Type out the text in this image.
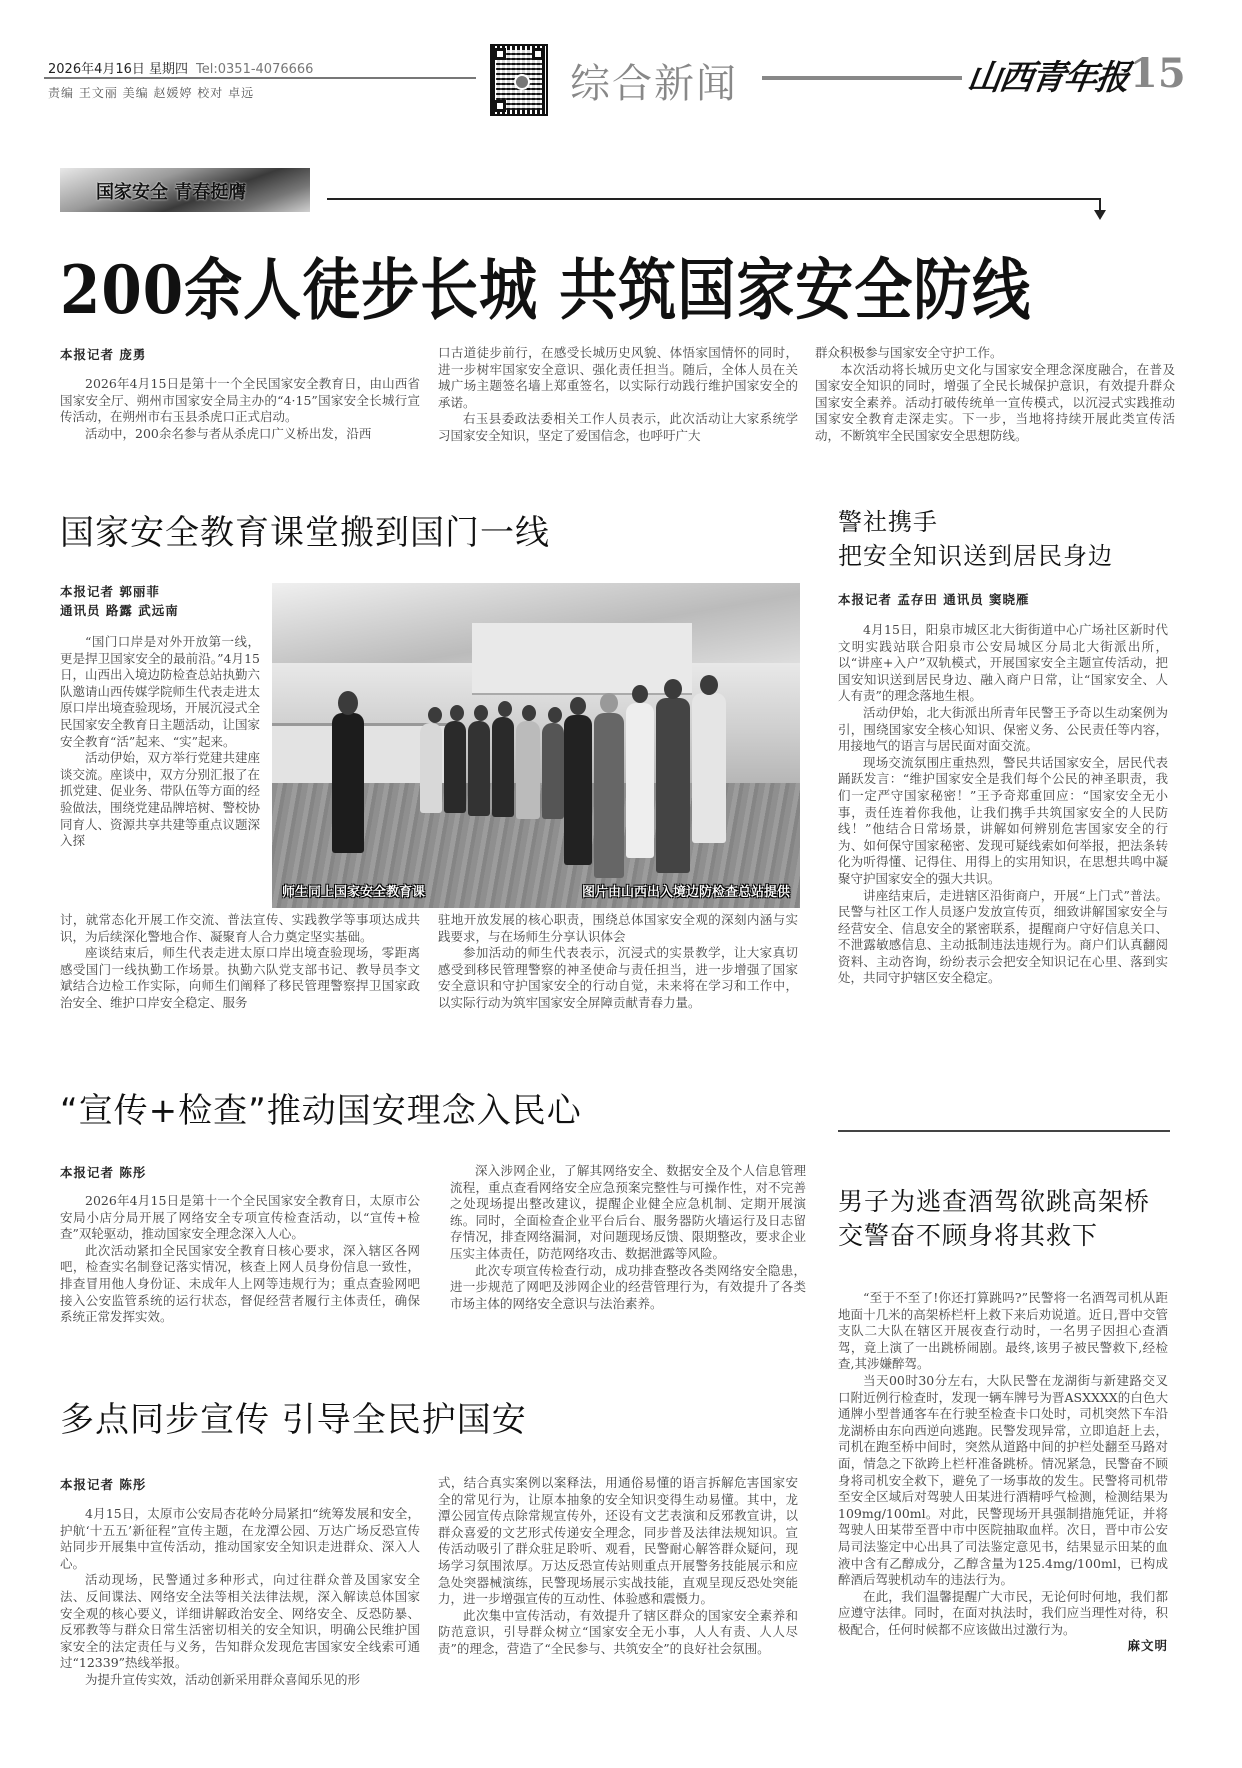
2026年4月16日 星期四 Tel:0351-4076666
责编 王文丽 美编 赵媛婷 校对 卓远	综合新闻	山西青年报 15
国家安全 青春挺膺
200余人徒步长城 共筑国家安全防线
本报记者 庞勇

2026年4月15日是第十一个全民国家安全教育日，由山西省国家安全厅、朔州市国家安全局主办的“4·15”国家安全长城行宣传活动，在朔州市右玉县杀虎口正式启动。

活动中，200余名参与者从杀虎口广义桥出发，沿西

口古道徒步前行，在感受长城历史风貌、体悟家国情怀的同时，进一步树牢国家安全意识、强化责任担当。随后，全体人员在关城广场主题签名墙上郑重签名，以实际行动践行维护国家安全的承诺。

右玉县委政法委相关工作人员表示，此次活动让大家系统学习国家安全知识，坚定了爱国信念，也呼吁广大

群众积极参与国家安全守护工作。

本次活动将长城历史文化与国家安全理念深度融合，在普及国家安全知识的同时，增强了全民长城保护意识，有效提升群众国家安全素养。活动打破传统单一宣传模式，以沉浸式实践推动国家安全教育走深走实。下一步，当地将持续开展此类宣传活动，不断筑牢全民国家安全思想防线。

国家安全教育课堂搬到国门一线
本报记者 郭丽菲
通讯员 路露 武远南

“国门口岸是对外开放第一线，更是捍卫国家安全的最前沿。”4月15日，山西出入境边防检查总站执勤六队邀请山西传媒学院师生代表走进太原口岸出境查验现场，开展沉浸式全民国家安全教育日主题活动，让国家安全教育“活”起来、“实”起来。

活动伊始，双方举行党建共建座谈交流。座谈中，双方分别汇报了在抓党建、促业务、带队伍等方面的经验做法，围绕党建品牌培树、警校协同育人、资源共享共建等重点议题深入探

讨，就常态化开展工作交流、普法宣传、实践教学等事项达成共识，为后续深化警地合作、凝聚育人合力奠定坚实基础。

座谈结束后，师生代表走进太原口岸出境查验现场，零距离感受国门一线执勤工作场景。执勤六队党支部书记、教导员李文斌结合边检工作实际，向师生们阐释了移民管理警察捍卫国家政治安全、维护口岸安全稳定、服务

师生同上国家安全教育课	图片由山西出入境边防检查总站提供

驻地开放发展的核心职责，围绕总体国家安全观的深刻内涵与实践要求，与在场师生分享认识体会

参加活动的师生代表表示，沉浸式的实景教学，让大家真切感受到移民管理警察的神圣使命与责任担当，进一步增强了国家安全意识和守护国家安全的行动自觉，未来将在学习和工作中，以实际行动为筑牢国家安全屏障贡献青春力量。

警社携手
把安全知识送到居民身边
本报记者 孟存田 通讯员 窦晓雁

4月15日，阳泉市城区北大街街道中心广场社区新时代文明实践站联合阳泉市公安局城区分局北大街派出所，以“讲座+入户”双轨模式，开展国家安全主题宣传活动，把国安知识送到居民身边、融入商户日常，让“国家安全、人人有责”的理念落地生根。

活动伊始，北大街派出所青年民警王予奇以生动案例为引，围绕国家安全核心知识、保密义务、公民责任等内容，用接地气的语言与居民面对面交流。

现场交流氛围庄重热烈，警民共话国家安全，居民代表踊跃发言：“维护国家安全是我们每个公民的神圣职责，我们一定严守国家秘密！”王予奇郑重回应：“国家安全无小事，责任连着你我他，让我们携手共筑国家安全的人民防线！”他结合日常场景，讲解如何辨别危害国家安全的行为、如何保守国家秘密、发现可疑线索如何举报，把法条转化为听得懂、记得住、用得上的实用知识，在思想共鸣中凝聚守护国家安全的强大共识。

讲座结束后，走进辖区沿街商户，开展“上门式”普法。民警与社区工作人员逐户发放宣传页，细致讲解国家安全与经营安全、信息安全的紧密联系，提醒商户守好信息关口、不泄露敏感信息、主动抵制违法违规行为。商户们认真翻阅资料、主动咨询，纷纷表示会把安全知识记在心里、落到实处，共同守护辖区安全稳定。

“宣传+检查”推动国安理念入民心
本报记者 陈彤

2026年4月15日是第十一个全民国家安全教育日，太原市公安局小店分局开展了网络安全专项宣传检查活动，以“宣传+检查”双轮驱动，推动国家安全理念深入人心。

此次活动紧扣全民国家安全教育日核心要求，深入辖区各网吧，检查实名制登记落实情况，核查上网人员身份信息一致性，排查冒用他人身份证、未成年人上网等违规行为；重点查验网吧接入公安监管系统的运行状态，督促经营者履行主体责任，确保系统正常发挥实效。

深入涉网企业，了解其网络安全、数据安全及个人信息管理流程，重点查看网络安全应急预案完整性与可操作性，对不完善之处现场提出整改建议，提醒企业健全应急机制、定期开展演练。同时，全面检查企业平台后台、服务器防火墙运行及日志留存情况，排查网络漏洞，对问题现场反馈、限期整改，要求企业压实主体责任，防范网络攻击、数据泄露等风险。

此次专项宣传检查行动，成功排查整改各类网络安全隐患，进一步规范了网吧及涉网企业的经营管理行为，有效提升了各类市场主体的网络安全意识与法治素养。

多点同步宣传 引导全民护国安
本报记者 陈彤

4月15日，太原市公安局杏花岭分局紧扣“统筹发展和安全，护航‘十五五’新征程”宣传主题，在龙潭公园、万达广场反恐宣传站同步开展集中宣传活动，推动国家安全知识走进群众、深入人心。

活动现场，民警通过多种形式，向过往群众普及国家安全法、反间谍法、网络安全法等相关法律法规，深入解读总体国家安全观的核心要义，详细讲解政治安全、网络安全、反恐防暴、反邪教等与群众日常生活密切相关的安全知识，明确公民维护国家安全的法定责任与义务，告知群众发现危害国家安全线索可通过“12339”热线举报。

为提升宣传实效，活动创新采用群众喜闻乐见的形

式，结合真实案例以案释法，用通俗易懂的语言拆解危害国家安全的常见行为，让原本抽象的安全知识变得生动易懂。其中，龙潭公园宣传点除常规宣传外，还设有文艺表演和反邪教宣讲，以群众喜爱的文艺形式传递安全理念，同步普及法律法规知识。宣传活动吸引了群众驻足聆听、观看，民警耐心解答群众疑问，现场学习氛围浓厚。万达反恐宣传站则重点开展警务技能展示和应急处突器械演练，民警现场展示实战技能，直观呈现反恐处突能力，进一步增强宣传的互动性、体验感和震慑力。

此次集中宣传活动，有效提升了辖区群众的国家安全素养和防范意识，引导群众树立“国家安全无小事，人人有责、人人尽责”的理念，营造了“全民参与、共筑安全”的良好社会氛围。

男子为逃查酒驾欲跳高架桥
交警奋不顾身将其救下

“至于不至了!你还打算跳吗?”民警将一名酒驾司机从距地面十几米的高架桥栏杆上救下来后劝说道。近日,晋中交管支队二大队在辖区开展夜查行动时，一名男子因担心查酒驾，竟上演了一出跳桥闹剧。最终,该男子被民警救下,经检查,其涉嫌醉驾。

当天00时30分左右，大队民警在龙湖街与新建路交叉口附近例行检查时，发现一辆车牌号为晋ASXXXX的白色大通牌小型普通客车在行驶至检查卡口处时，司机突然下车沿龙湖桥由东向西逆向逃跑。民警发现异常，立即追赶上去，司机在跑至桥中间时，突然从道路中间的护栏处翻至马路对面，情急之下欲跨上栏杆准备跳桥。情况紧急，民警奋不顾身将司机安全救下，避免了一场事故的发生。民警将司机带至安全区域后对驾驶人田某进行酒精呼气检测，检测结果为109mg/100ml。对此，民警现场开具强制措施凭证，并将驾驶人田某带至晋中市中医院抽取血样。次日，晋中市公安局司法鉴定中心出具了司法鉴定意见书，结果显示田某的血液中含有乙醇成分，乙醇含量为125.4mg/100ml，已构成醉酒后驾驶机动车的违法行为。

在此，我们温馨提醒广大市民，无论何时何地，我们都应遵守法律。同时，在面对执法时，我们应当理性对待，积极配合，任何时候都不应该做出过激行为。

麻文明
